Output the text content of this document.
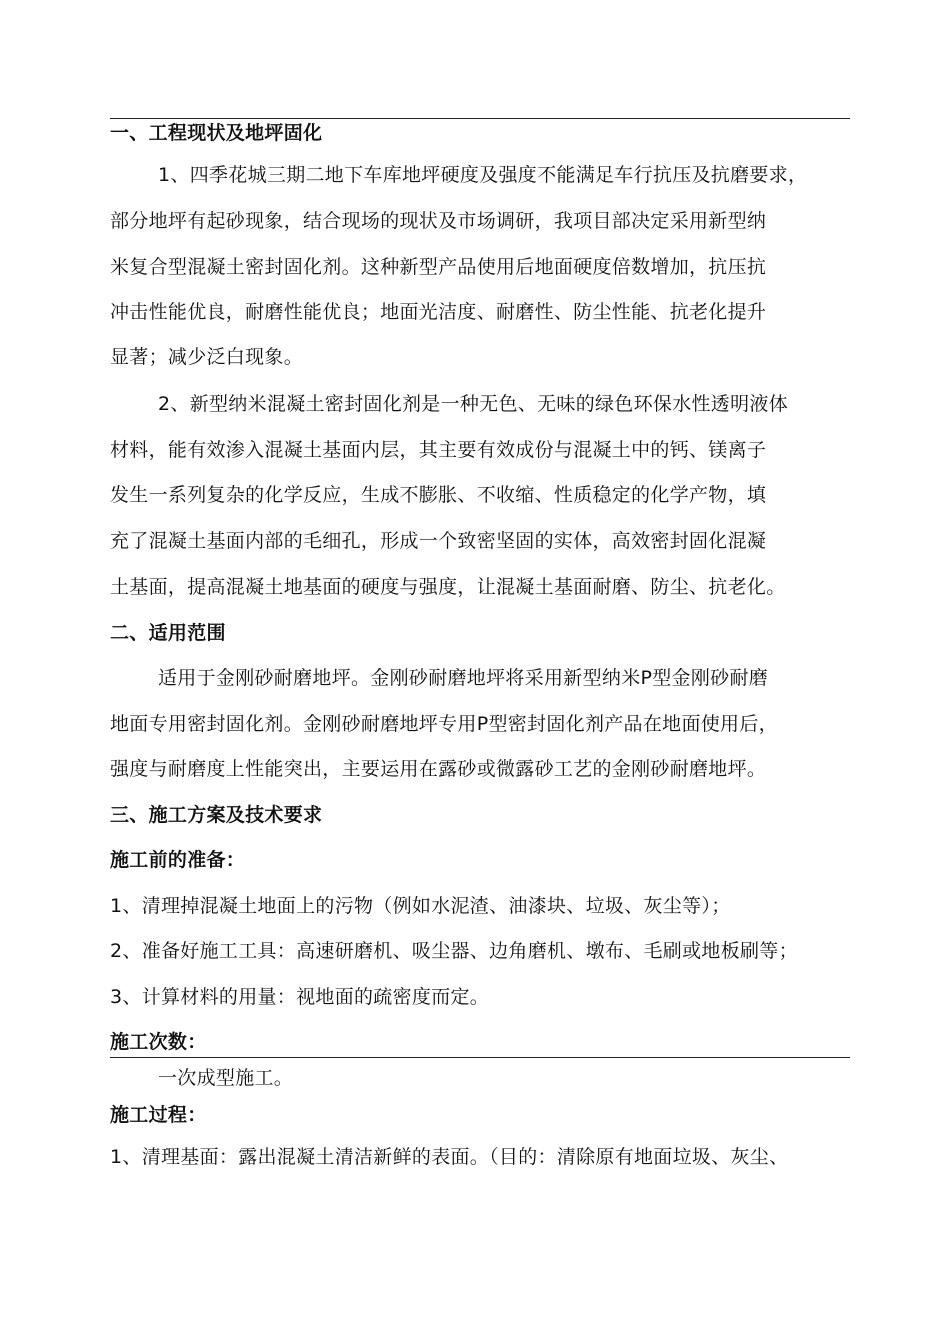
一、工程现状及地坪固化
1、四季花城三期二地下车库地坪硬度及强度不能满足车行抗压及抗磨要求，
部分地坪有起砂现象，结合现场的现状及市场调研，我项目部决定采用新型纳
米复合型混凝土密封固化剂。这种新型产品使用后地面硬度倍数增加，抗压抗
冲击性能优良，耐磨性能优良；地面光洁度、耐磨性、防尘性能、抗老化提升
显著；减少泛白现象。
2、新型纳米混凝土密封固化剂是一种无色、无味的绿色环保水性透明液体
材料，能有效渗入混凝土基面内层，其主要有效成份与混凝土中的钙、镁离子
发生一系列复杂的化学反应，生成不膨胀、不收缩、性质稳定的化学产物，填
充了混凝土基面内部的毛细孔，形成一个致密坚固的实体，高效密封固化混凝
土基面，提高混凝土地基面的硬度与强度，让混凝土基面耐磨、防尘、抗老化。
二、适用范围
适用于金刚砂耐磨地坪。金刚砂耐磨地坪将采用新型纳米P型金刚砂耐磨
地面专用密封固化剂。金刚砂耐磨地坪专用P型密封固化剂产品在地面使用后，
强度与耐磨度上性能突出，主要运用在露砂或微露砂工艺的金刚砂耐磨地坪。
三、施工方案及技术要求
施工前的准备：
1、清理掉混凝土地面上的污物（例如水泥渣、油漆块、垃圾、灰尘等）；
2、准备好施工工具：高速研磨机、吸尘器、边角磨机、墩布、毛刷或地板刷等；
3、计算材料的用量：视地面的疏密度而定。
施工次数：
一次成型施工。
施工过程：
1、清理基面：露出混凝土清洁新鲜的表面。（目的：清除原有地面垃圾、灰尘、
